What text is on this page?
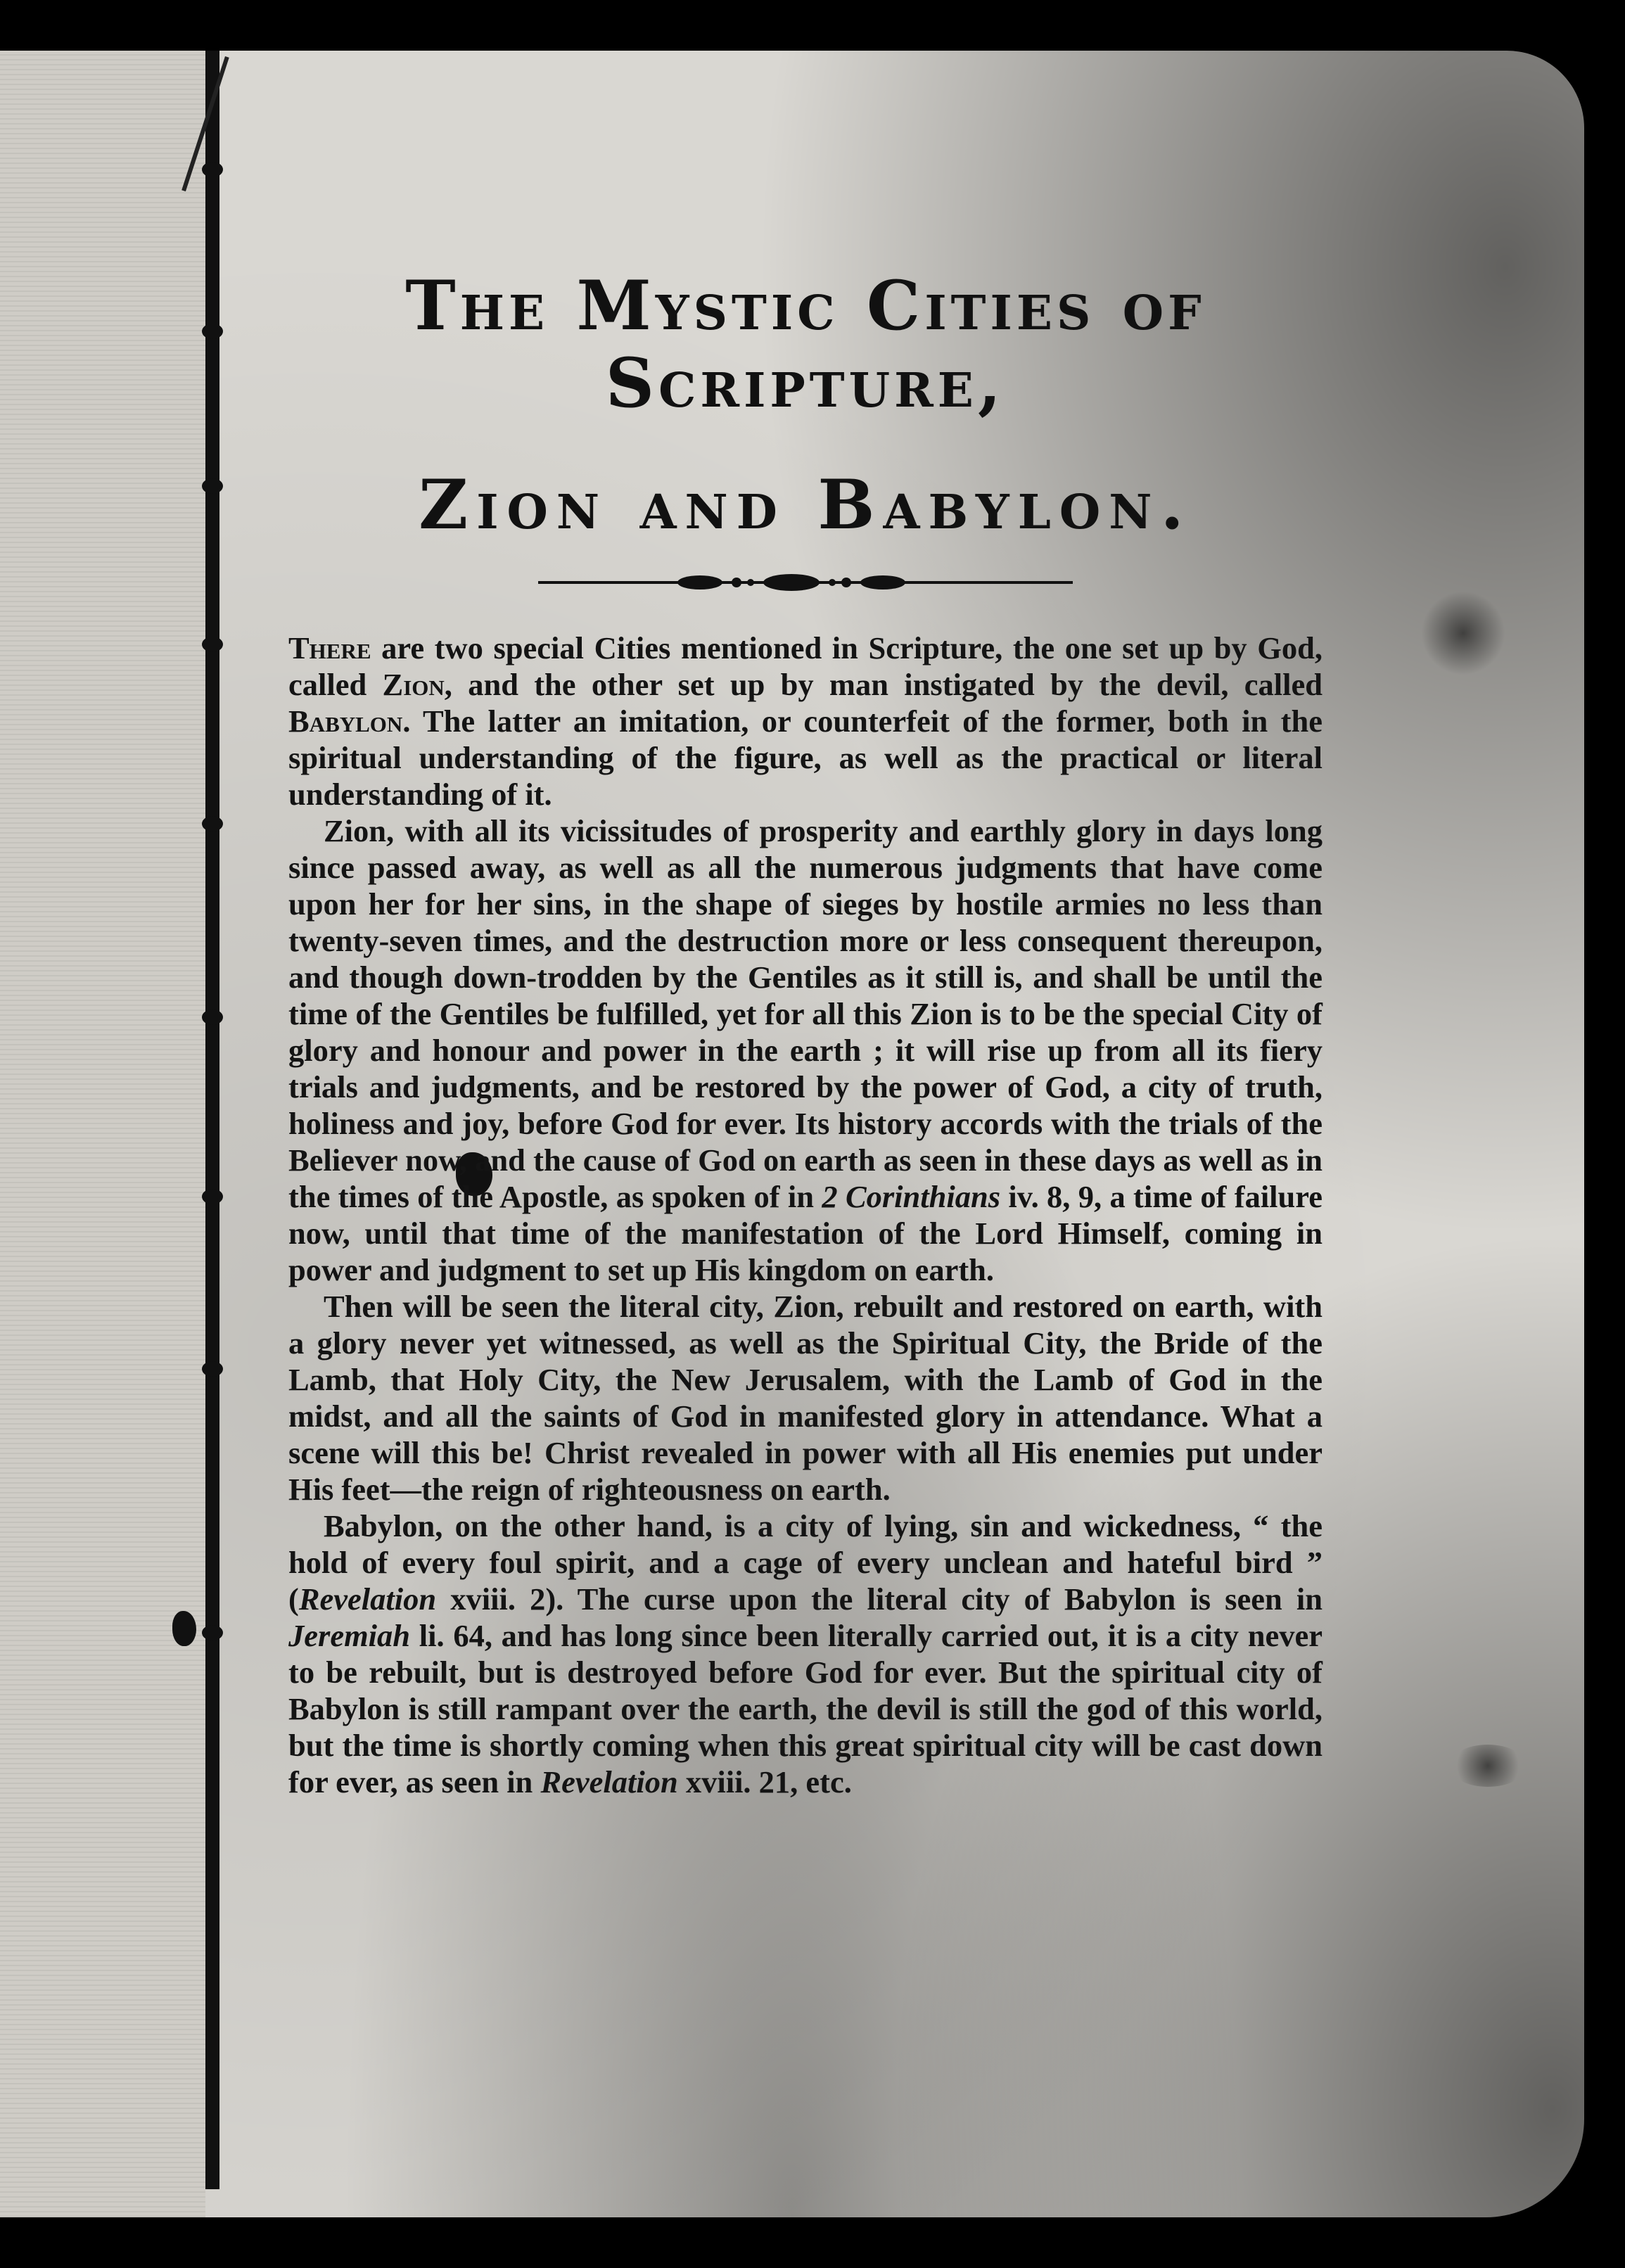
The Mystic Cities of Scripture,
Zion and Babylon.

There are two special Cities mentioned in Scripture, the one set up by God, called Zion, and the other set up by man instigated by the devil, called Babylon. The latter an imitation, or counterfeit of the former, both in the spiritual understanding of the figure, as well as the practical or literal understanding of it.

Zion, with all its vicissitudes of prosperity and earthly glory in days long since passed away, as well as all the numerous judgments that have come upon her for her sins, in the shape of sieges by hostile armies no less than twenty-seven times, and the destruction more or less consequent thereupon, and though down-trodden by the Gentiles as it still is, and shall be until the time of the Gentiles be fulfilled, yet for all this Zion is to be the special City of glory and honour and power in the earth ; it will rise up from all its fiery trials and judgments, and be restored by the power of God, a city of truth, holiness and joy, before God for ever. Its history accords with the trials of the Believer now, and the cause of God on earth as seen in these days as well as in the times of the Apostle, as spoken of in 2 Corinthians iv. 8, 9, a time of failure now, until that time of the manifestation of the Lord Himself, coming in power and judgment to set up His kingdom on earth.

Then will be seen the literal city, Zion, rebuilt and restored on earth, with a glory never yet witnessed, as well as the Spiritual City, the Bride of the Lamb, that Holy City, the New Jerusalem, with the Lamb of God in the midst, and all the saints of God in manifested glory in attendance. What a scene will this be! Christ revealed in power with all His enemies put under His feet—the reign of righteousness on earth.

Babylon, on the other hand, is a city of lying, sin and wickedness, “ the hold of every foul spirit, and a cage of every unclean and hateful bird ” (Revelation xviii. 2). The curse upon the literal city of Babylon is seen in Jeremiah li. 64, and has long since been literally carried out, it is a city never to be rebuilt, but is destroyed before God for ever. But the spiritual city of Babylon is still rampant over the earth, the devil is still the god of this world, but the time is shortly coming when this great spiritual city will be cast down for ever, as seen in Revelation xviii. 21, etc.
